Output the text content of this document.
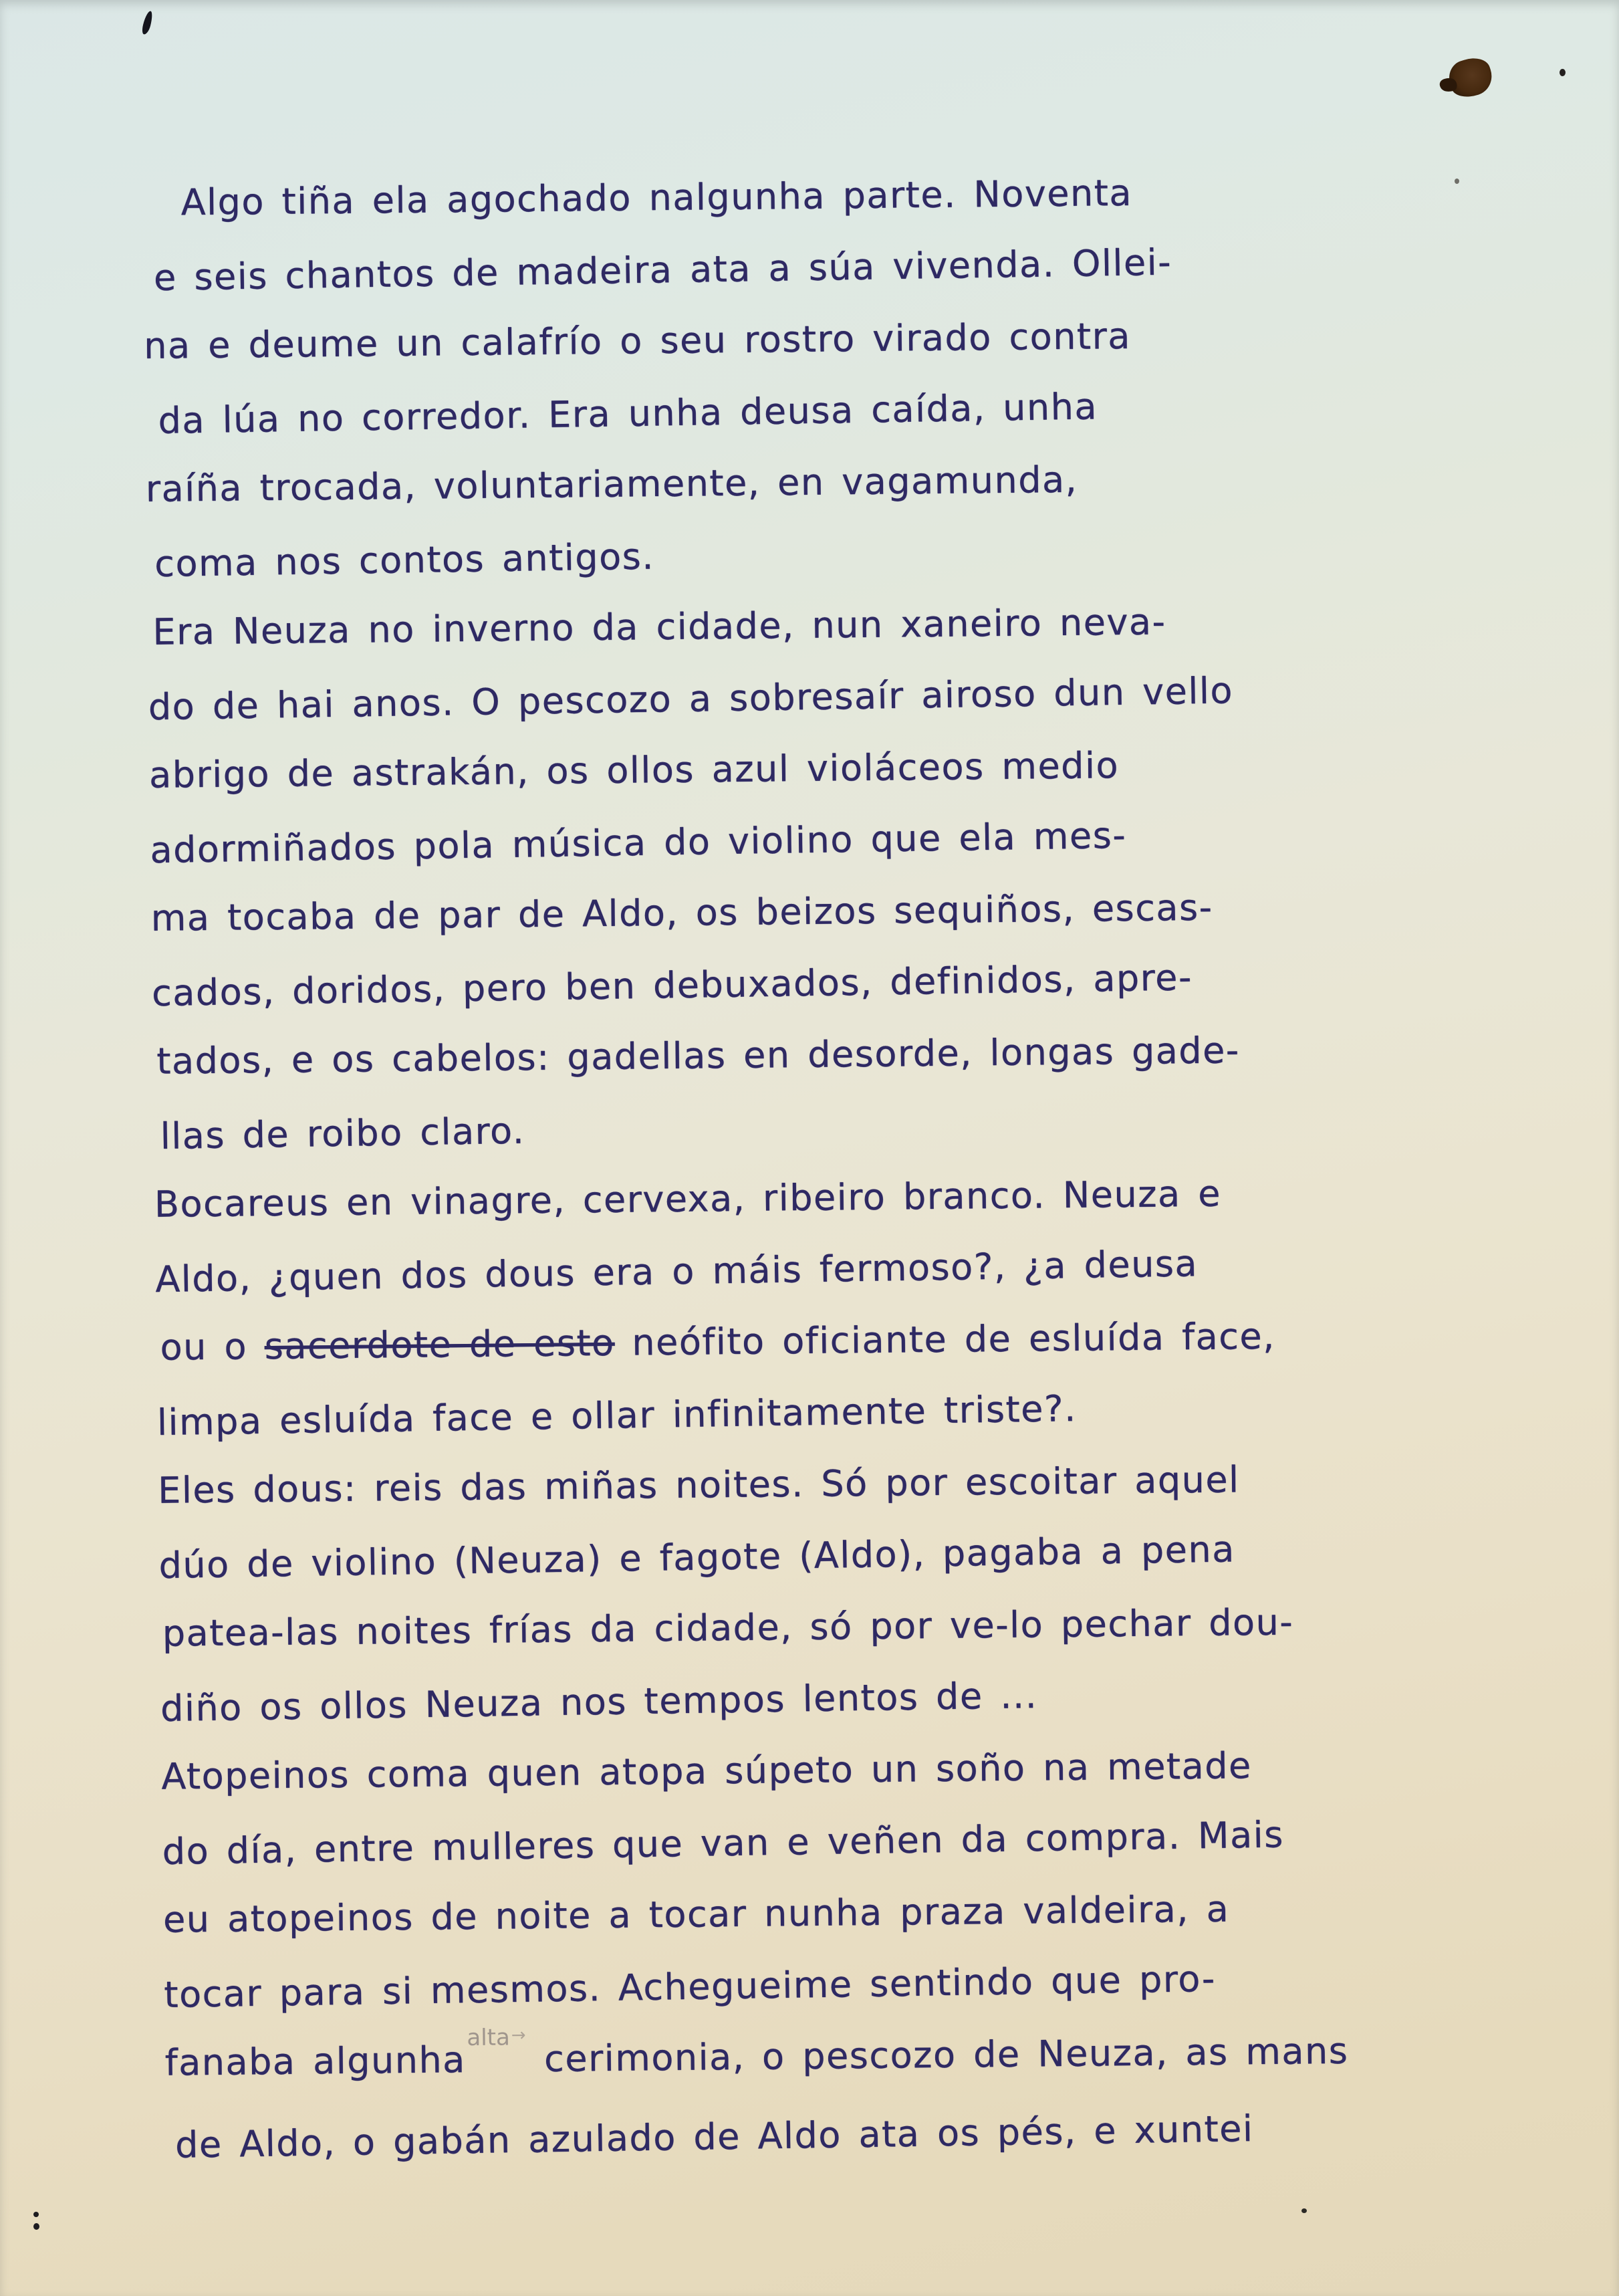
Algo tiña ela agochado nalgunha parte. Noventa
e seis chantos de madeira ata a súa vivenda. Ollei-
na e deume un calafrío o seu rostro virado contra
da lúa no corredor. Era unha deusa caída, unha
raíña trocada, voluntariamente, en vagamunda,
coma nos contos antigos.
Era Neuza no inverno da cidade, nun xaneiro neva-
do de hai anos. O pescozo a sobresaír airoso dun vello
abrigo de astrakán, os ollos azul violáceos medio
adormiñados pola música do violino que ela mes-
ma tocaba de par de Aldo, os beizos sequiños, escas-
cados, doridos, pero ben debuxados, definidos, apre-
tados, e os cabelos: gadellas en desorde, longas gade-
llas de roibo claro.
Bocareus en vinagre, cervexa, ribeiro branco. Neuza e
Aldo, ¿quen dos dous era o máis fermoso?, ¿a deusa
ou o sacerdote de esto neófito oficiante de esluída face,
limpa esluída face e ollar infinitamente triste?.
Eles dous: reis das miñas noites. Só por escoitar aquel
dúo de violino (Neuza) e fagote (Aldo), pagaba a pena
patea-las noites frías da cidade, só por ve-lo pechar dou-
diño os ollos Neuza nos tempos lentos de ...
Atopeinos coma quen atopa súpeto un soño na metade
do día, entre mulleres que van e veñen da compra. Mais
eu atopeinos de noite a tocar nunha praza valdeira, a
tocar para si mesmos. Achegueime sentindo que pro-
fanaba algunha$^{alta\to}$ cerimonia, o pescozo de Neuza, as mans
de Aldo, o gabán azulado de Aldo ata os pés, e xuntei
